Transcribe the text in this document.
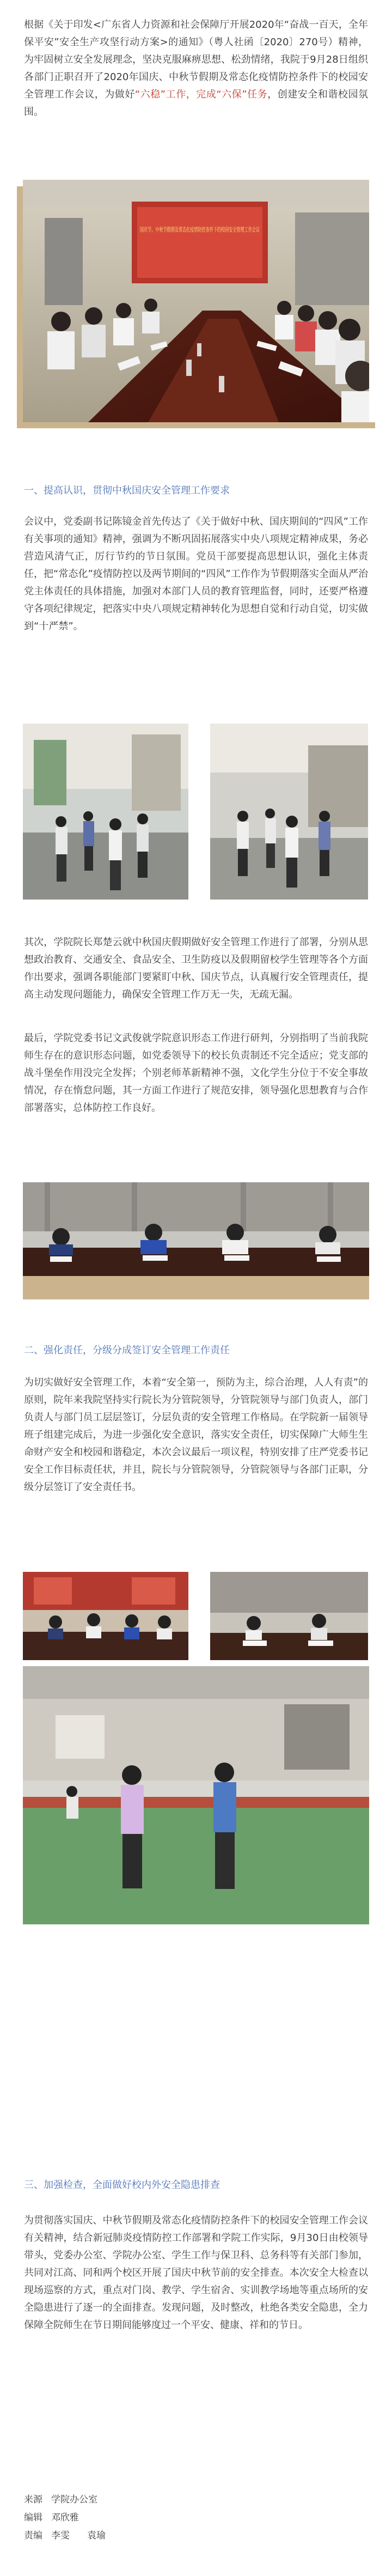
根据《关于印发<广东省人力资源和社会保障厅开展2020年“奋战一百天，全年保平安”安全生产攻坚行动方案>的通知》（粤人社函〔2020〕270号）精神，为牢固树立安全发展理念，坚决克服麻痹思想、松劲情绪，我院于9月28日组织各部门正职召开了2020年国庆、中秋节假期及常态化疫情防控条件下的校园安全管理工作会议，为做好“六稳”工作，完成“六保”任务，创建安全和谐校园氛围。

国庆节、中秋节假期及常态化疫情防控条件下的校园安全管理工作会议

一、提高认识，贯彻中秋国庆安全管理工作要求

会议中，党委副书记陈镜金首先传达了《关于做好中秋、国庆期间的“四风”工作有关事项的通知》精神，强调为不断巩固拓展落实中央八项规定精神成果，务必营造风清气正，厉行节约的节日氛围。党员干部要提高思想认识，强化主体责任，把“常态化”疫情防控以及两节期间的“四风”工作作为节假期落实全面从严治党主体责任的具体措施，加强对本部门人员的教育管理监督，同时，还要严格遵守各项纪律规定，把落实中央八项规定精神转化为思想自觉和行动自觉，切实做到“十严禁”。

其次，学院院长郑楚云就中秋国庆假期做好安全管理工作进行了部署，分别从思想政治教育、交通安全、食品安全、卫生防疫以及假期留校学生管理等各个方面作出要求，强调各职能部门要紧盯中秋、国庆节点，认真履行安全管理责任，提高主动发现问题能力，确保安全管理工作万无一失，无疏无漏。

最后，学院党委书记文武俊就学院意识形态工作进行研判，分别指明了当前我院师生存在的意识形态问题，如党委领导下的校长负责制还不完全适应；党支部的战斗堡垒作用没完全发挥；个别老师革新精神不强，文化学生分位于不安全事故情况，存在惰怠问题，其一方面工作进行了规范安排，领导强化思想教育与合作部署落实，总体防控工作良好。

二、强化责任，分级分成签订安全管理工作责任

为切实做好安全管理工作，本着“安全第一，预防为主，综合治理，人人有责”的原则，院年来我院坚持实行院长为分管院领导，分管院领导与部门负责人，部门负责人与部门员工层层签订，分层负责的安全管理工作格局。在学院新一届领导班子组建完成后，为进一步强化安全意识，落实安全责任，切实保障广大师生生命财产安全和校园和谐稳定，本次会议最后一项议程，特别安排了庄严党委书记安全工作目标责任状，并且，院长与分管院领导，分管院领导与各部门正职，分级分层签订了安全责任书。

三、加强检查，全面做好校内外安全隐患排查

为贯彻落实国庆、中秋节假期及常态化疫情防控条件下的校园安全管理工作会议有关精神，结合新冠肺炎疫情防控工作部署和学院工作实际，9月30日由校领导带头，党委办公室、学院办公室、学生工作与保卫科、总务科等有关部门参加，共同对江高、同和两个校区开展了国庆中秋节前的安全排查。本次安全大检查以现场巡察的方式，重点对门岗、教学、学生宿舍、实训教学场地等重点场所的安全隐患进行了逐一的全面排查。发现问题，及时整改，杜绝各类安全隐患，全力保障全院师生在节日期间能够度过一个平安、健康、祥和的节日。

来源 学院办公室
编辑 邓欣雅
责编 李雯 袁瑜
